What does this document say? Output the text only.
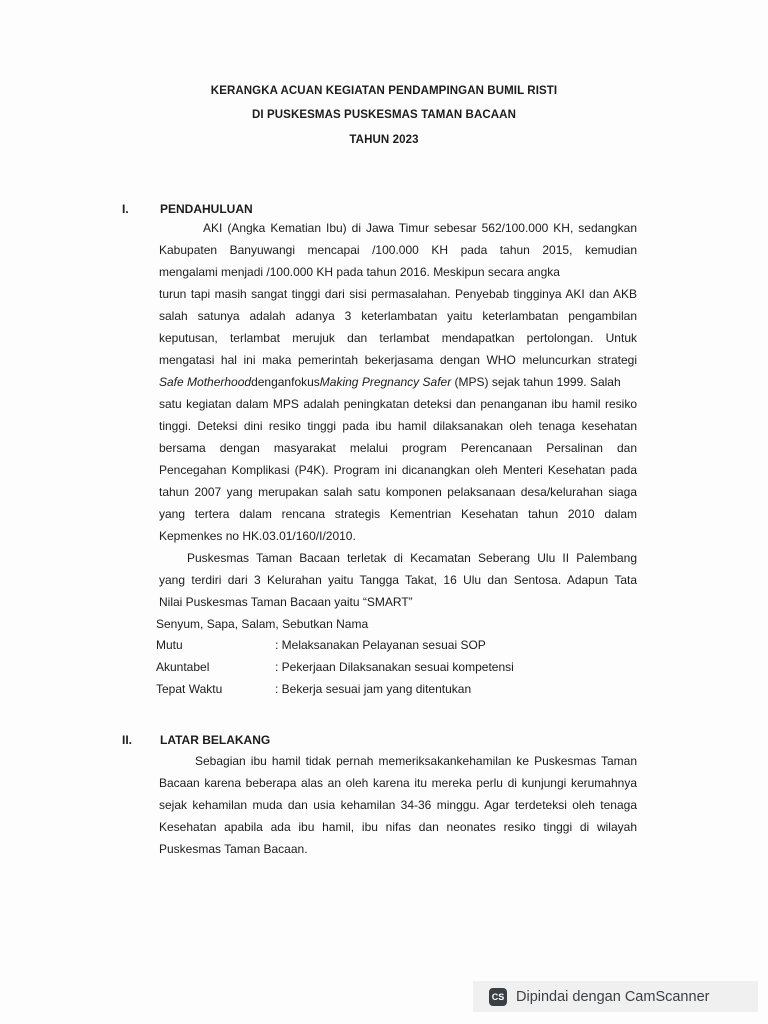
KERANGKA ACUAN KEGIATAN PENDAMPINGAN BUMIL RISTI
DI PUSKESMAS PUSKESMAS TAMAN BACAAN
TAHUN 2023
I.	PENDAHULUAN
AKI (Angka Kematian Ibu) di Jawa Timur sebesar 562/100.000 KH, sedangkan
Kabupaten Banyuwangi mencapai /100.000 KH pada tahun 2015, kemudian
mengalami menjadi /100.000 KH pada tahun 2016. Meskipun secara angka
turun tapi masih sangat tinggi dari sisi permasalahan. Penyebab tingginya AKI dan AKB
salah satunya adalah adanya 3 keterlambatan yaitu keterlambatan pengambilan
keputusan, terlambat merujuk dan terlambat mendapatkan pertolongan. Untuk
mengatasi hal ini maka pemerintah bekerjasama dengan WHO meluncurkan strategi
Safe MotherhooddenganfokusMaking Pregnancy Safer (MPS) sejak tahun 1999. Salah
satu kegiatan dalam MPS adalah peningkatan deteksi dan penanganan ibu hamil resiko
tinggi. Deteksi dini resiko tinggi pada ibu hamil dilaksanakan oleh tenaga kesehatan
bersama dengan masyarakat melalui program Perencanaan Persalinan dan
Pencegahan Komplikasi (P4K). Program ini dicanangkan oleh Menteri Kesehatan pada
tahun 2007 yang merupakan salah satu komponen pelaksanaan desa/kelurahan siaga
yang tertera dalam rencana strategis Kementrian Kesehatan tahun 2010 dalam
Kepmenkes no HK.03.01/160/I/2010.
Puskesmas Taman Bacaan terletak di Kecamatan Seberang Ulu II Palembang
yang terdiri dari 3 Kelurahan yaitu Tangga Takat, 16 Ulu dan Sentosa. Adapun Tata
Nilai Puskesmas Taman Bacaan yaitu “SMART”
Senyum, Sapa, Salam, Sebutkan Nama
Mutu	: Melaksanakan Pelayanan sesuai SOP
Akuntabel	: Pekerjaan Dilaksanakan sesuai kompetensi
Tepat Waktu	: Bekerja sesuai jam yang ditentukan
II. LATAR BELAKANG
Sebagian ibu hamil tidak pernah memeriksakankehamilan ke Puskesmas Taman
Bacaan karena beberapa alas an oleh karena itu mereka perlu di kunjungi kerumahnya
sejak kehamilan muda dan usia kehamilan 34-36 minggu. Agar terdeteksi oleh tenaga
Kesehatan apabila ada ibu hamil, ibu nifas dan neonates resiko tinggi di wilayah
Puskesmas Taman Bacaan.
CS Dipindai dengan CamScanner
